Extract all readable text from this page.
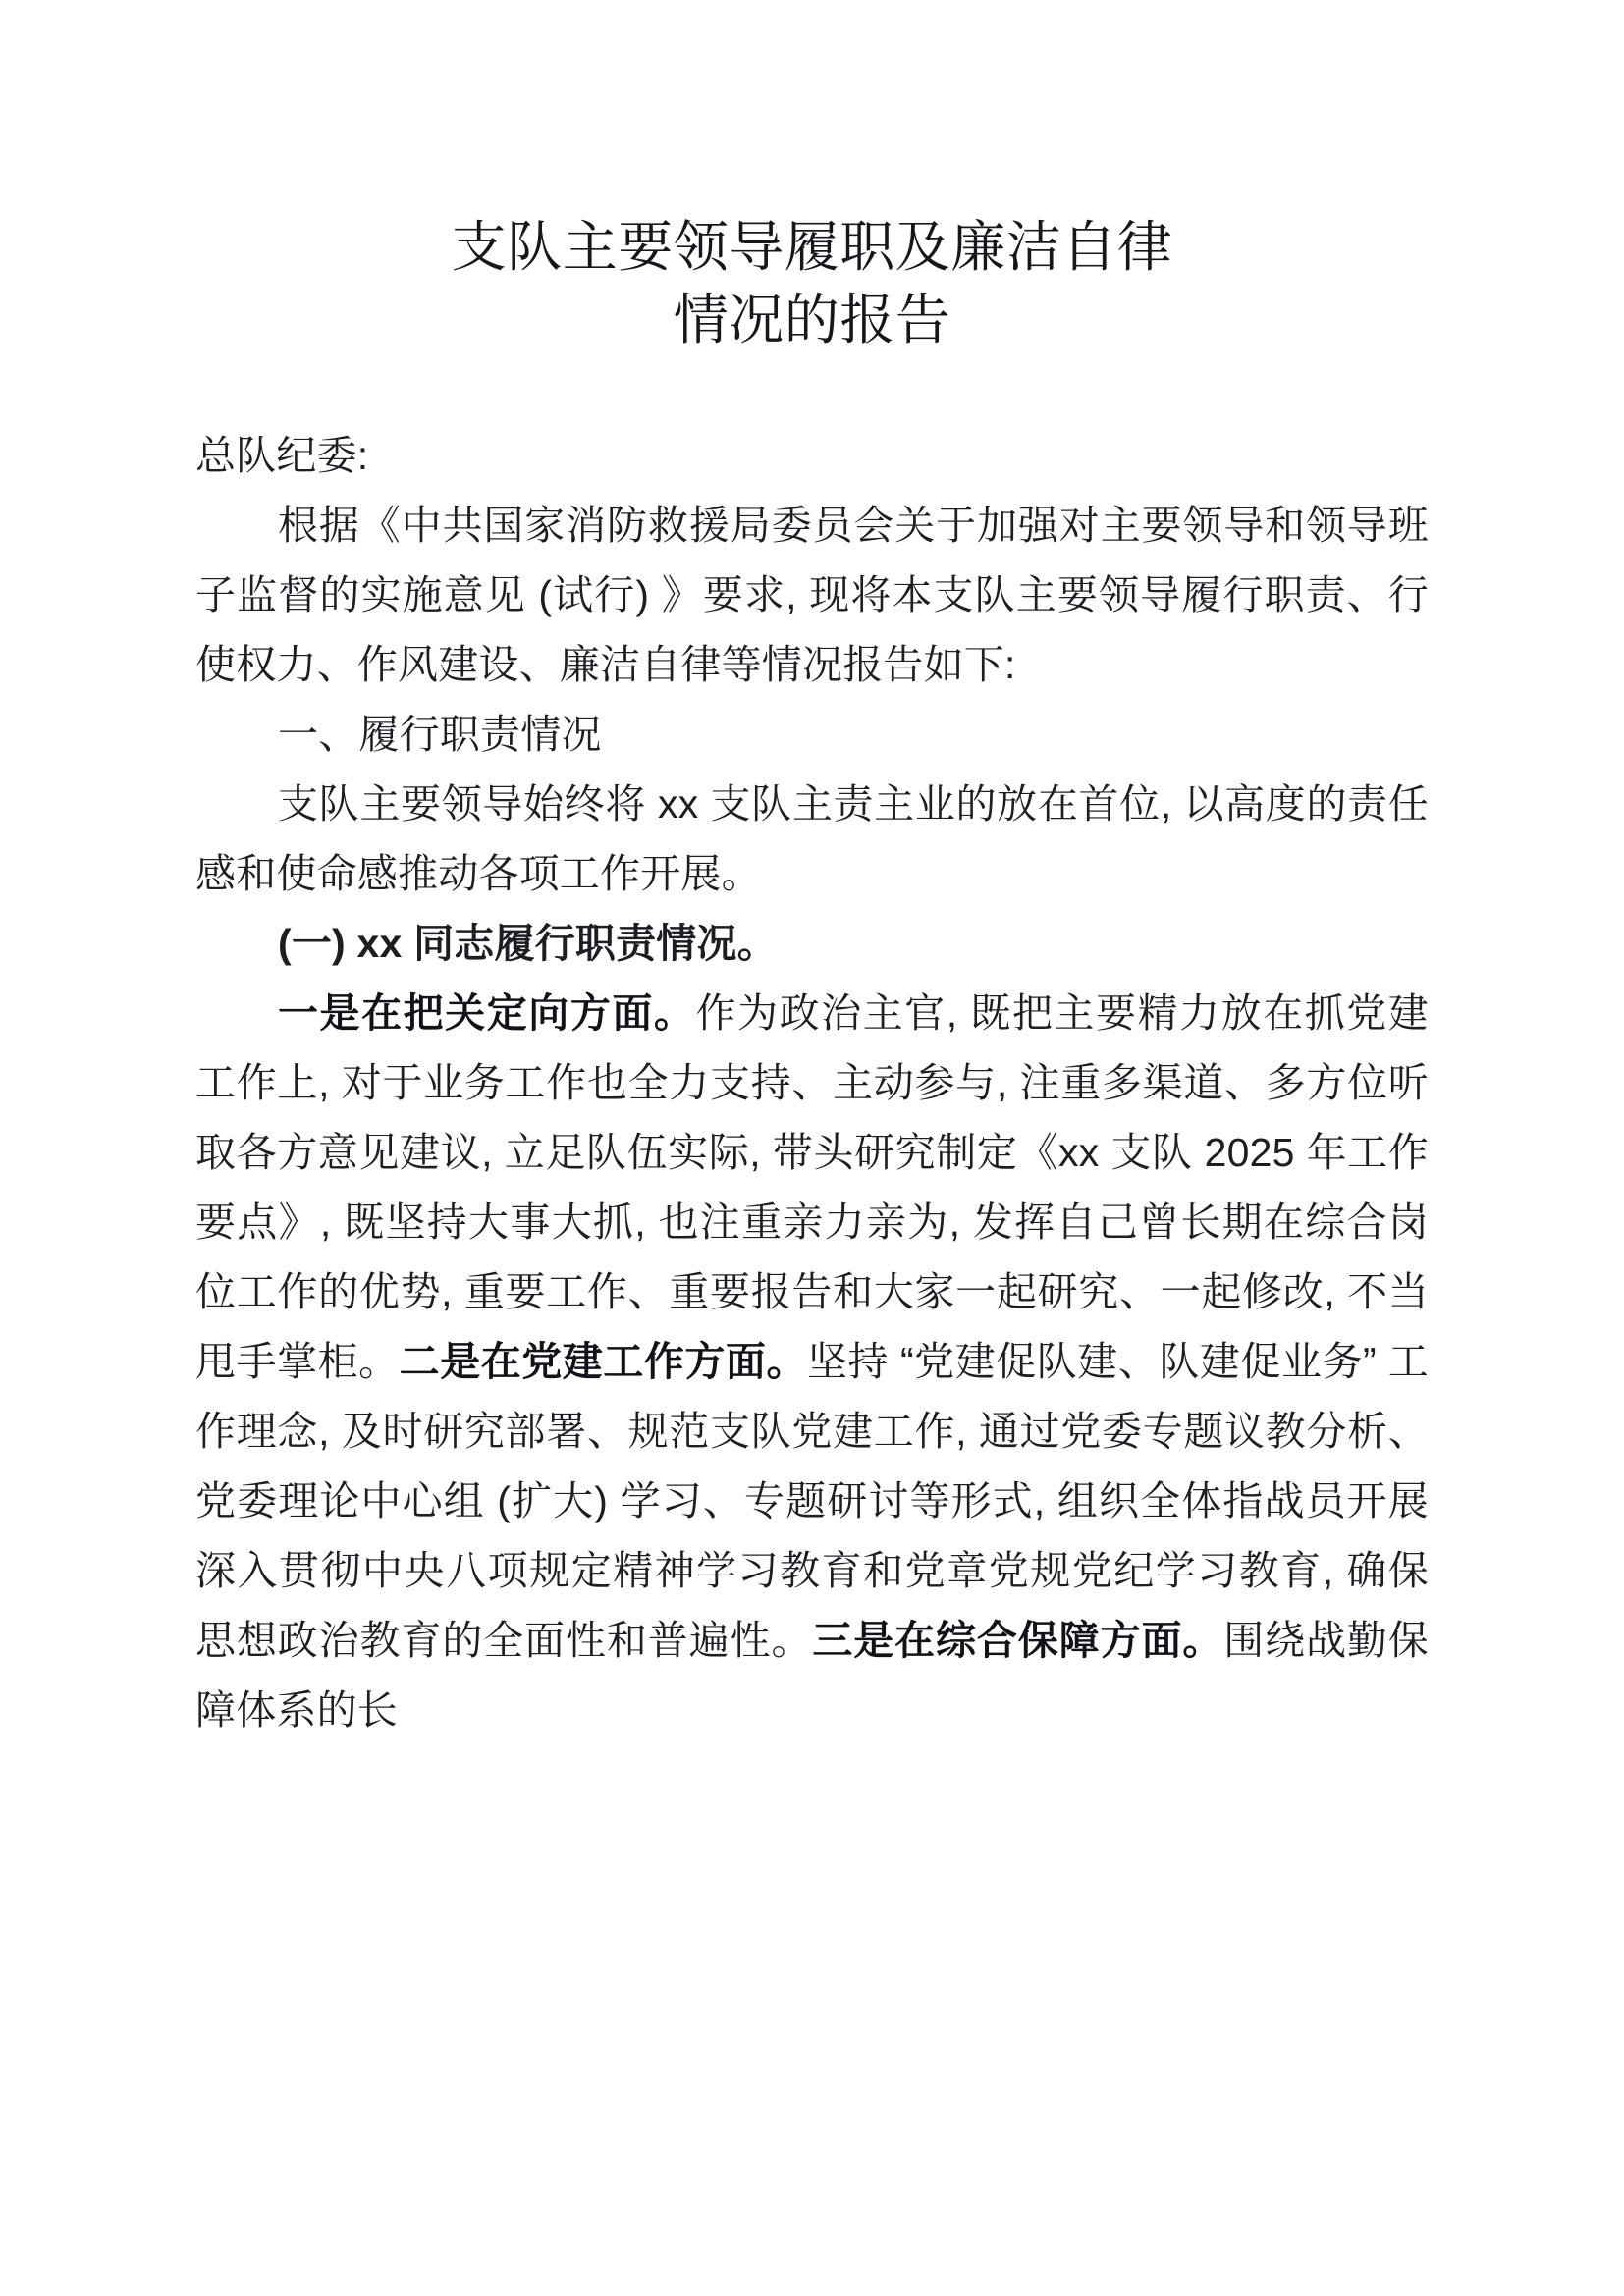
支队主要领导履职及廉洁自律
情况的报告

总队纪委:

根据《中共国家消防救援局委员会关于加强对主要领导和领导班子监督的实施意见 (试行) 》要求, 现将本支队主要领导履行职责、行使权力、作风建设、廉洁自律等情况报告如下:

一、履行职责情况

支队主要领导始终将 xx 支队主责主业的放在首位, 以高度的责任感和使命感推动各项工作开展。

(一) xx 同志履行职责情况。

一是在把关定向方面。作为政治主官, 既把主要精力放在抓党建工作上, 对于业务工作也全力支持、主动参与, 注重多渠道、多方位听取各方意见建议, 立足队伍实际, 带头研究制定《xx 支队 2025 年工作要点》, 既坚持大事大抓, 也注重亲力亲为, 发挥自己曾长期在综合岗位工作的优势, 重要工作、重要报告和大家一起研究、一起修改, 不当甩手掌柜。二是在党建工作方面。坚持 “党建促队建、队建促业务” 工作理念, 及时研究部署、规范支队党建工作, 通过党委专题议教分析、党委理论中心组 (扩大) 学习、专题研讨等形式, 组织全体指战员开展深入贯彻中央八项规定精神学习教育和党章党规党纪学习教育, 确保思想政治教育的全面性和普遍性。三是在综合保障方面。围绕战勤保障体系的长
